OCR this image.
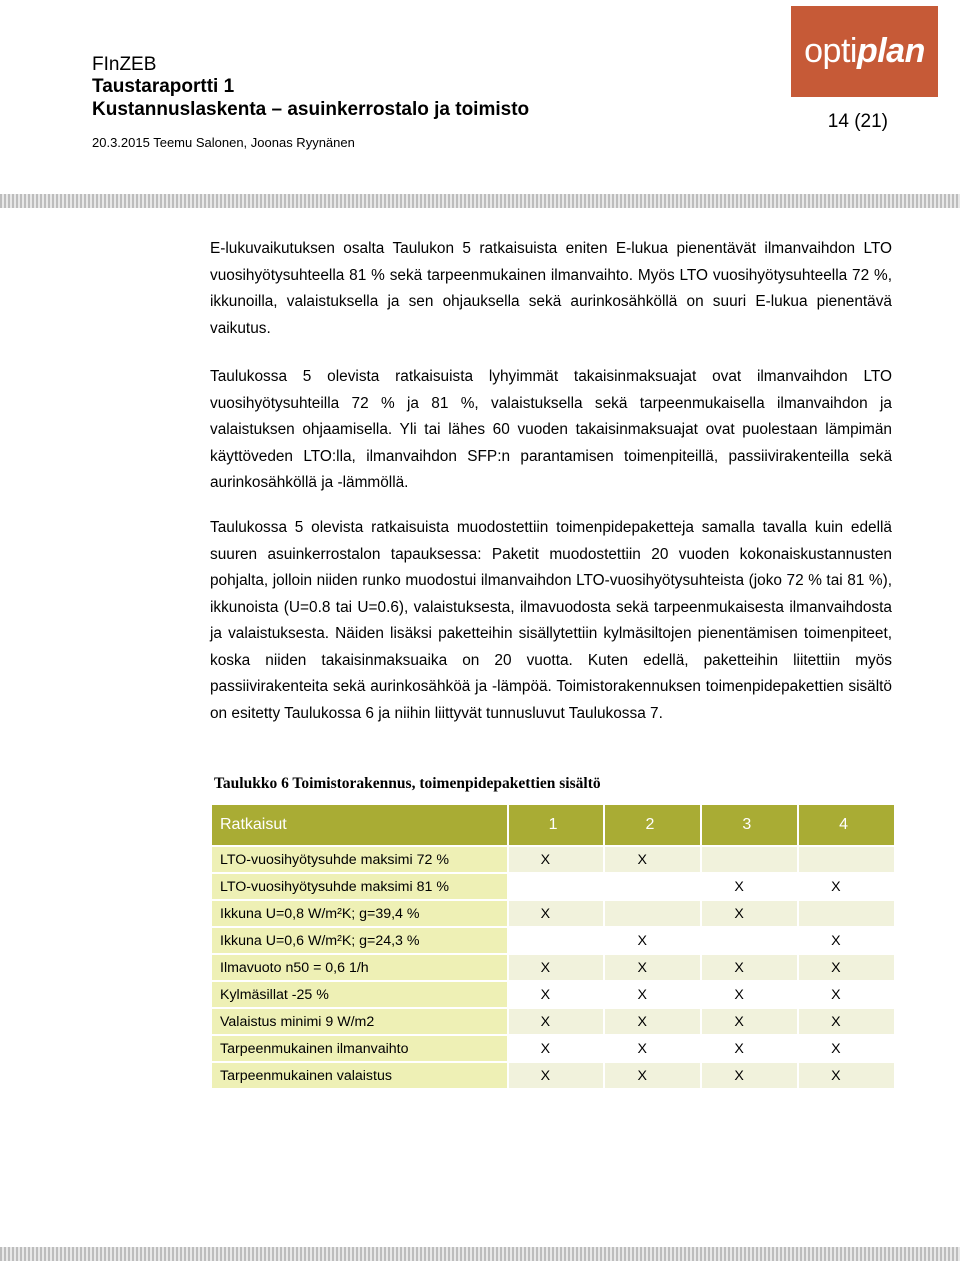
FInZEB
Taustaraportti 1
Kustannuslaskenta – asuinkerrostalo ja toimisto
20.3.2015 Teemu Salonen, Joonas Ryynänen
14 (21)
opti plan

E-lukuvaikutuksen osalta Taulukon 5 ratkaisuista eniten E-lukua pienentävät ilmanvaihdon LTO vuosihyötysuhteella 81 % sekä tarpeenmukainen ilmanvaihto. Myös LTO vuosihyötysuhteella 72 %, ikkunoilla, valaistuksella ja sen ohjauksella sekä aurinkosähköllä on suuri E-lukua pienentävä vaikutus.

Taulukossa 5 olevista ratkaisuista lyhyimmät takaisinmaksuajat ovat ilmanvaihdon LTO vuosihyötysuhteilla 72 % ja 81 %, valaistuksella sekä tarpeenmukaisella ilmanvaihdon ja valaistuksen ohjaamisella. Yli tai lähes 60 vuoden takaisinmaksuajat ovat puolestaan lämpimän käyttöveden LTO:lla, ilmanvaihdon SFP:n parantamisen toimenpiteillä, passiivirakenteilla sekä aurinkosähköllä ja -lämmöllä.

Taulukossa 5 olevista ratkaisuista muodostettiin toimenpidepaketteja samalla tavalla kuin edellä suuren asuinkerrostalon tapauksessa: Paketit muodostettiin 20 vuoden kokonaiskustannusten pohjalta, jolloin niiden runko muodostui ilmanvaihdon LTO-vuosihyötysuhteista (joko 72 % tai 81 %), ikkunoista (U=0.8 tai U=0.6), valaistuksesta, ilmavuodosta sekä tarpeenmukaisesta ilmanvaihdosta ja valaistuksesta. Näiden lisäksi paketteihin sisällytettiin kylmäsiltojen pienentämisen toimenpiteet, koska niiden takaisinmaksuaika on 20 vuotta. Kuten edellä, paketteihin liitettiin myös passiivirakenteita sekä aurinkosähköä ja -lämpöä. Toimistorakennuksen toimenpidepakettien sisältö on esitetty Taulukossa 6 ja niihin liittyvät tunnusluvut Taulukossa 7.

Taulukko 6 Toimistorakennus, toimenpidepakettien sisältö

Ratkaisut	1	2	3	4
LTO-vuosihyötysuhde maksimi 72 %	X	X		
LTO-vuosihyötysuhde maksimi 81 %			X	X
Ikkuna U=0,8 W/m²K; g=39,4 %	X		X	
Ikkuna U=0,6 W/m²K; g=24,3 %		X		X
Ilmavuoto n50 = 0,6 1/h	X	X	X	X
Kylmäsillat -25 %	X	X	X	X
Valaistus minimi 9 W/m2	X	X	X	X
Tarpeenmukainen ilmanvaihto	X	X	X	X
Tarpeenmukainen valaistus	X	X	X	X
